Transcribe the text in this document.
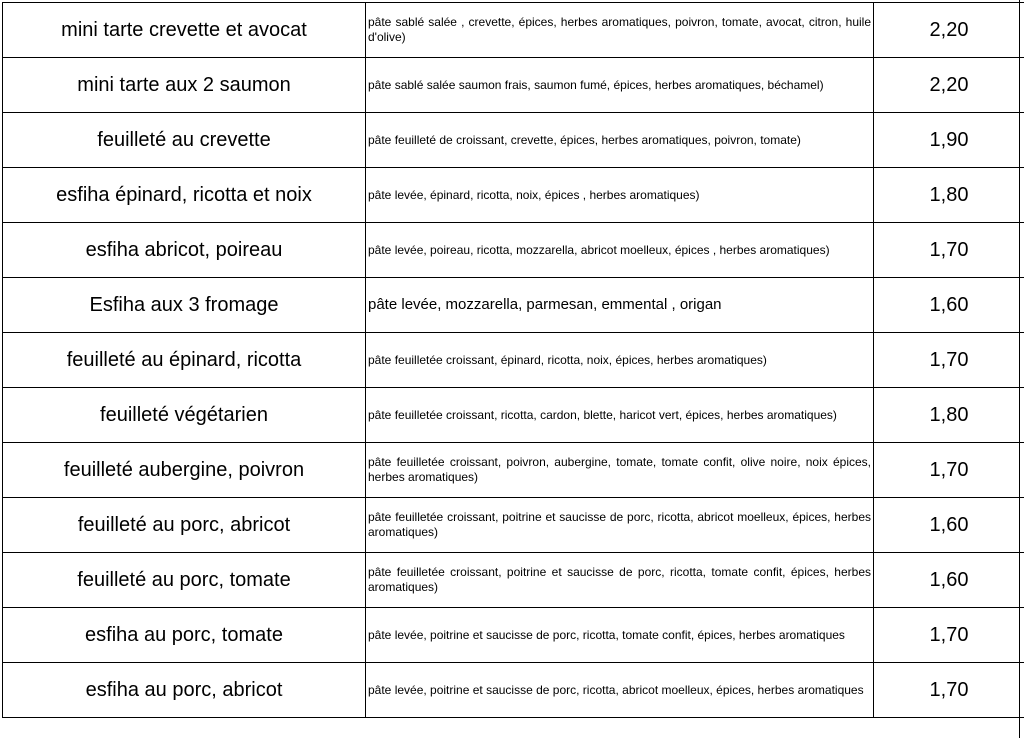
mini tarte crevette et avocat	pâte sablé salée , crevette, épices, herbes aromatiques, poivron, tomate, avocat, citron, huile d'olive)	2,20
mini tarte aux 2 saumon	pâte sablé salée saumon frais, saumon fumé, épices, herbes aromatiques, béchamel)	2,20
feuilleté au crevette	pâte feuilleté de croissant, crevette, épices, herbes aromatiques, poivron, tomate)	1,90
esfiha épinard, ricotta et noix	pâte levée, épinard, ricotta, noix, épices , herbes aromatiques)	1,80
esfiha abricot, poireau	pâte levée, poireau, ricotta, mozzarella, abricot moelleux, épices , herbes aromatiques)	1,70
Esfiha aux 3 fromage	pâte levée, mozzarella, parmesan, emmental , origan	1,60
feuilleté au épinard, ricotta	pâte feuilletée croissant, épinard, ricotta, noix, épices, herbes aromatiques)	1,70
feuilleté végétarien	pâte feuilletée croissant, ricotta, cardon, blette, haricot vert, épices, herbes aromatiques)	1,80
feuilleté aubergine, poivron	pâte feuilletée croissant, poivron, aubergine, tomate, tomate confit, olive noire, noix épices, herbes aromatiques)	1,70
feuilleté au porc, abricot	pâte feuilletée croissant, poitrine et saucisse de porc, ricotta, abricot moelleux, épices, herbes aromatiques)	1,60
feuilleté au porc, tomate	pâte feuilletée croissant, poitrine et saucisse de porc, ricotta, tomate confit, épices, herbes aromatiques)	1,60
esfiha au porc, tomate	pâte levée, poitrine et saucisse de porc, ricotta, tomate confit, épices, herbes aromatiques	1,70
esfiha au porc, abricot	pâte levée, poitrine et saucisse de porc, ricotta, abricot moelleux, épices, herbes aromatiques	1,70
